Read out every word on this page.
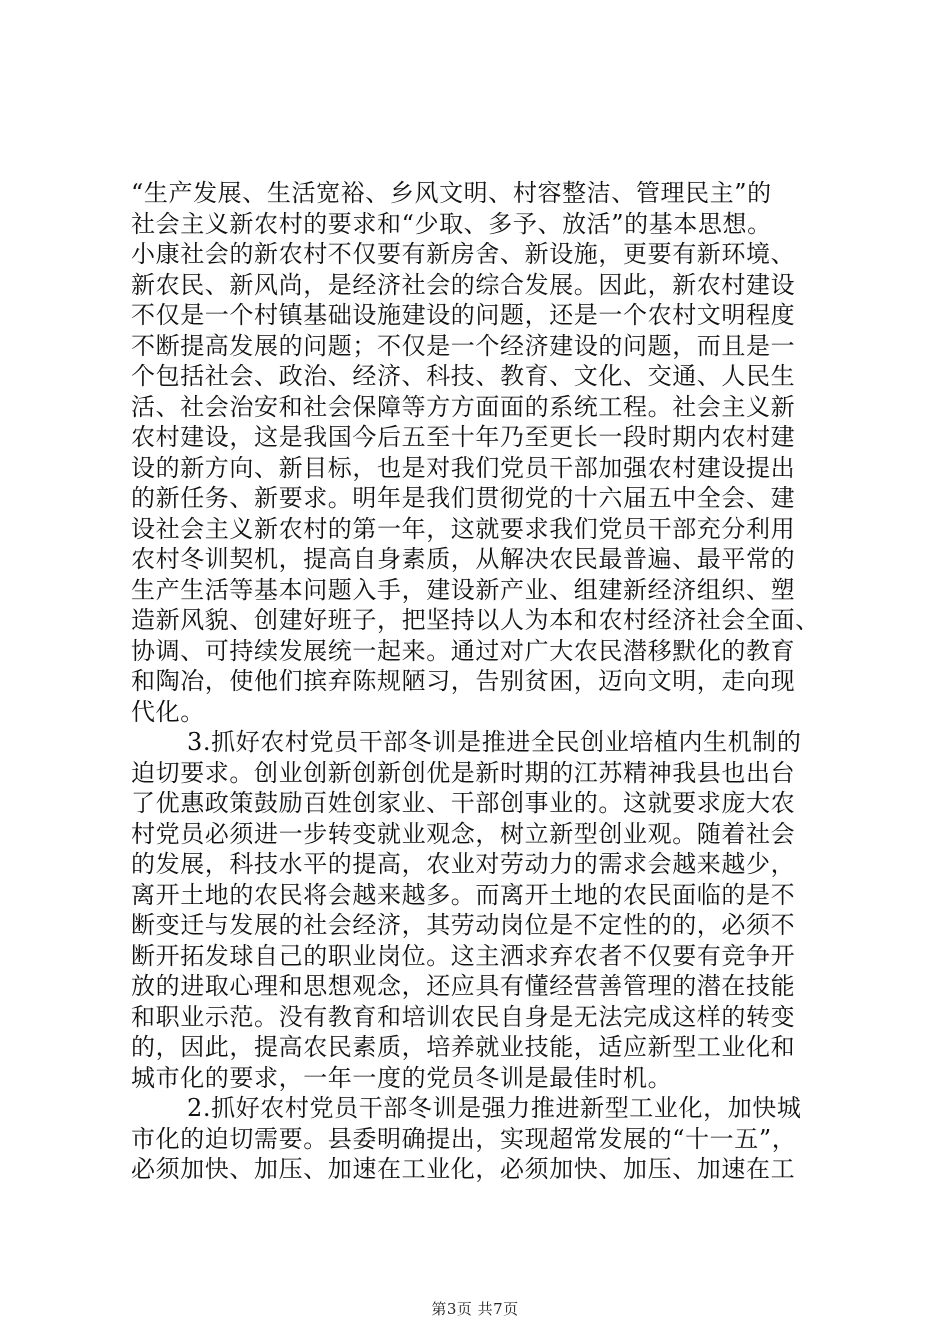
“生产发展、生活宽裕、乡风文明、村容整洁、管理民主”的
社会主义新农村的要求和“少取、多予、放活”的基本思想。
小康社会的新农村不仅要有新房舍、新设施，更要有新环境、
新农民、新风尚，是经济社会的综合发展。因此，新农村建设
不仅是一个村镇基础设施建设的问题，还是一个农村文明程度
不断提高发展的问题；不仅是一个经济建设的问题，而且是一
个包括社会、政治、经济、科技、教育、文化、交通、人民生
活、社会治安和社会保障等方方面面的系统工程。社会主义新
农村建设，这是我国今后五至十年乃至更长一段时期内农村建
设的新方向、新目标，也是对我们党员干部加强农村建设提出
的新任务、新要求。明年是我们贯彻党的十六届五中全会、建
设社会主义新农村的第一年，这就要求我们党员干部充分利用
农村冬训契机，提高自身素质，从解决农民最普遍、最平常的
生产生活等基本问题入手，建设新产业、组建新经济组织、塑
造新风貌、创建好班子，把坚持以人为本和农村经济社会全面、
协调、可持续发展统一起来。通过对广大农民潜移默化的教育
和陶冶，使他们摈弃陈规陋习，告别贫困，迈向文明，走向现
代化。
3.抓好农村党员干部冬训是推进全民创业培植内生机制的
迫切要求。创业创新创新创优是新时期的江苏精神我县也出台
了优惠政策鼓励百姓创家业、干部创事业的。这就要求庞大农
村党员必须进一步转变就业观念，树立新型创业观。随着社会
的发展，科技水平的提高，农业对劳动力的需求会越来越少，
离开土地的农民将会越来越多。而离开土地的农民面临的是不
断变迁与发展的社会经济，其劳动岗位是不定性的的，必须不
断开拓发球自己的职业岗位。这主洒求弃农者不仅要有竞争开
放的进取心理和思想观念，还应具有懂经营善管理的潜在技能
和职业示范。没有教育和培训农民自身是无法完成这样的转变
的，因此，提高农民素质，培养就业技能，适应新型工业化和
城市化的要求，一年一度的党员冬训是最佳时机。
2.抓好农村党员干部冬训是强力推进新型工业化，加快城
市化的迫切需要。县委明确提出，实现超常发展的“十一五”，
必须加快、加压、加速在工业化，必须加快、加压、加速在工
第3页 共7页
